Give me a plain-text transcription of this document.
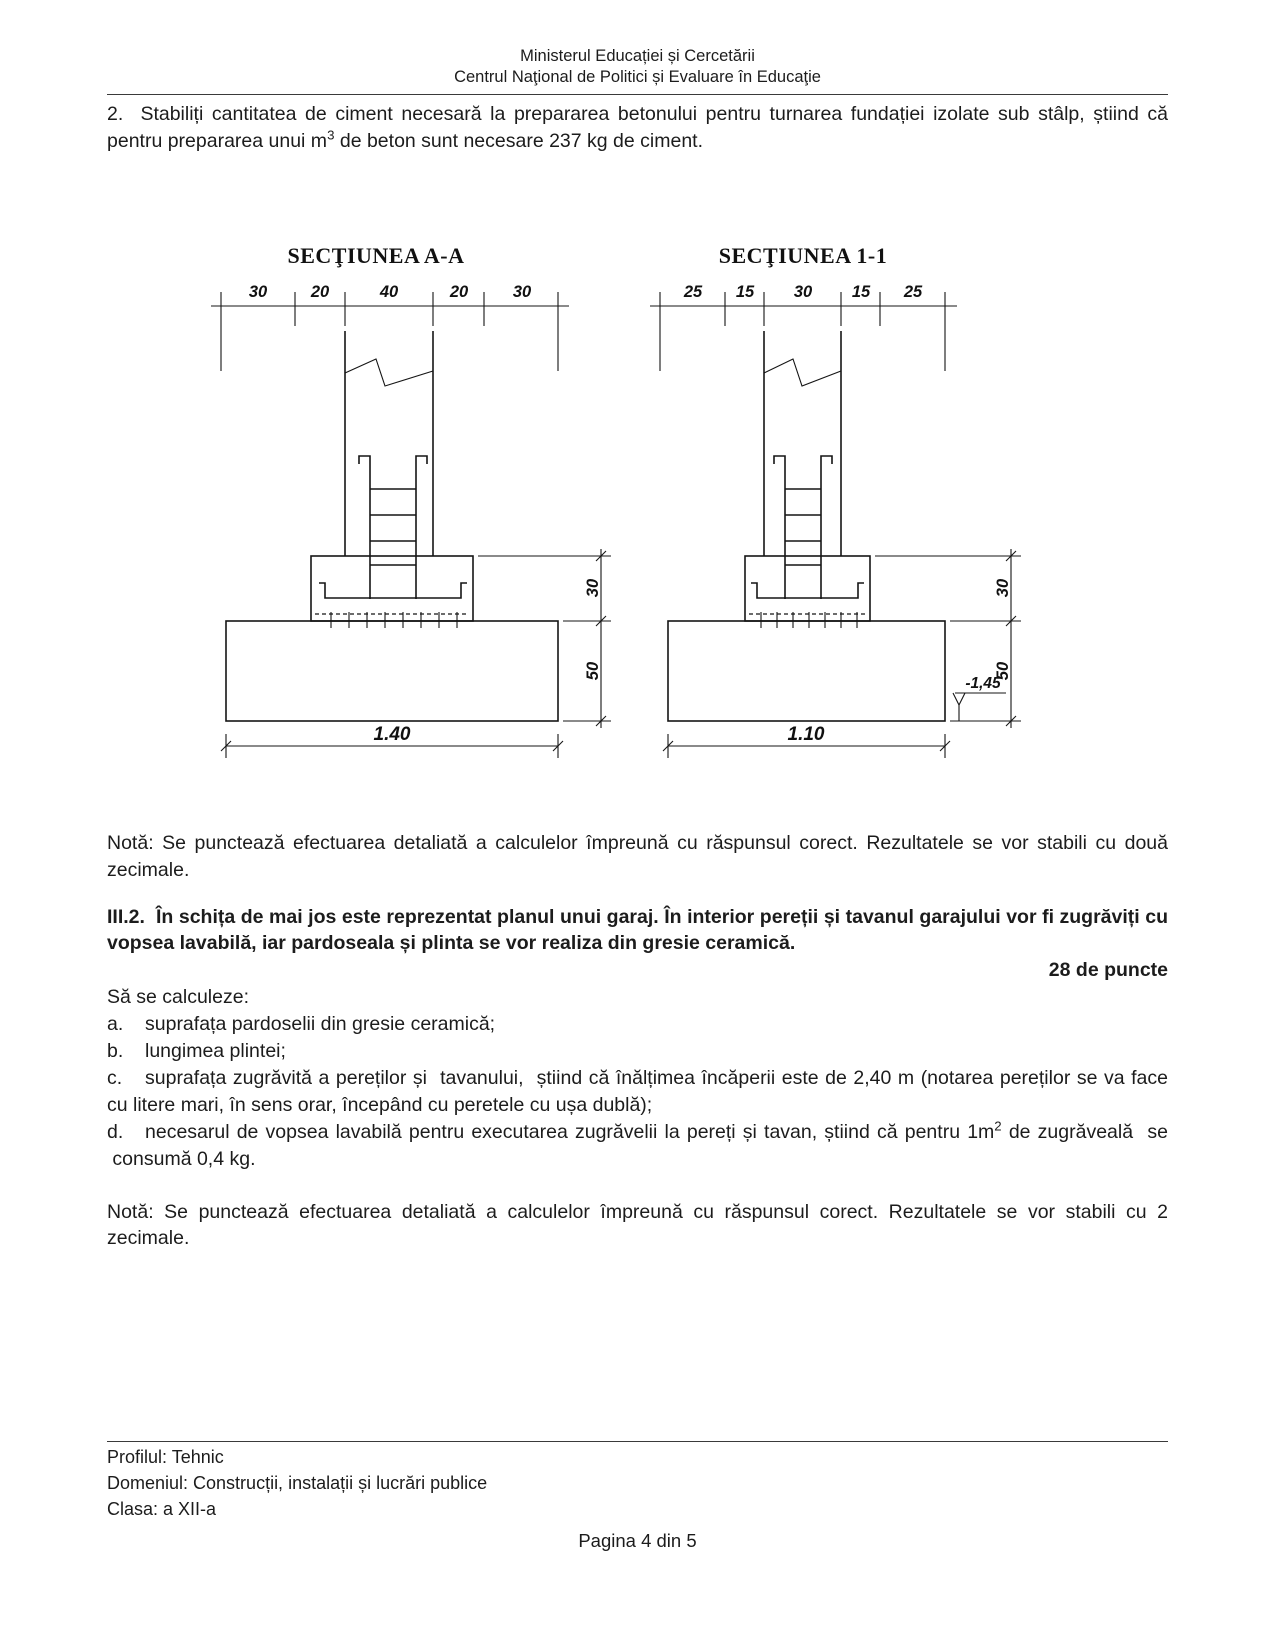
Ministerul Educației și Cercetării
Centrul Naţional de Politici și Evaluare în Educaţie

2.  Stabiliți cantitatea de ciment necesară la prepararea betonului pentru turnarea fundației izolate sub stâlp, știind că pentru prepararea unui $m^3$ de beton sunt necesare 237 kg de ciment.

SECŢIUNEA A-A
30	20	40	20	30
30
50
1.40
SECŢIUNEA 1-1
25 15 30 15 25
30
50
-1,45
1.10

Notă: Se punctează efectuarea detaliată a calculelor împreună cu răspunsul corect. Rezultatele se vor stabili cu două zecimale.

III.2.  În schița de mai jos este reprezentat planul unui garaj. În interior pereții și tavanul garajului vor fi zugrăviți cu vopsea lavabilă, iar pardoseala și plinta se vor realiza din gresie ceramică.

28 de puncte

Să se calculeze:

a. suprafața pardoselii din gresie ceramică;

b. lungimea plintei;

c. suprafața zugrăvită a pereților și  tavanului,  știind că înălțimea încăperii este de 2,40 m (notarea pereților se va face cu litere mari, în sens orar, începând cu peretele cu ușa dublă);

d. necesarul de vopsea lavabilă pentru executarea zugrăvelii la pereți și tavan, știind că pentru $1m^2$ de zugrăveală  se  consumă 0,4 kg.

Notă: Se punctează efectuarea detaliată a calculelor împreună cu răspunsul corect. Rezultatele se vor stabili cu 2 zecimale.

Profilul: Tehnic
Domeniul: Construcții, instalații și lucrări publice
Clasa: a XII-a
Pagina 4 din 5
